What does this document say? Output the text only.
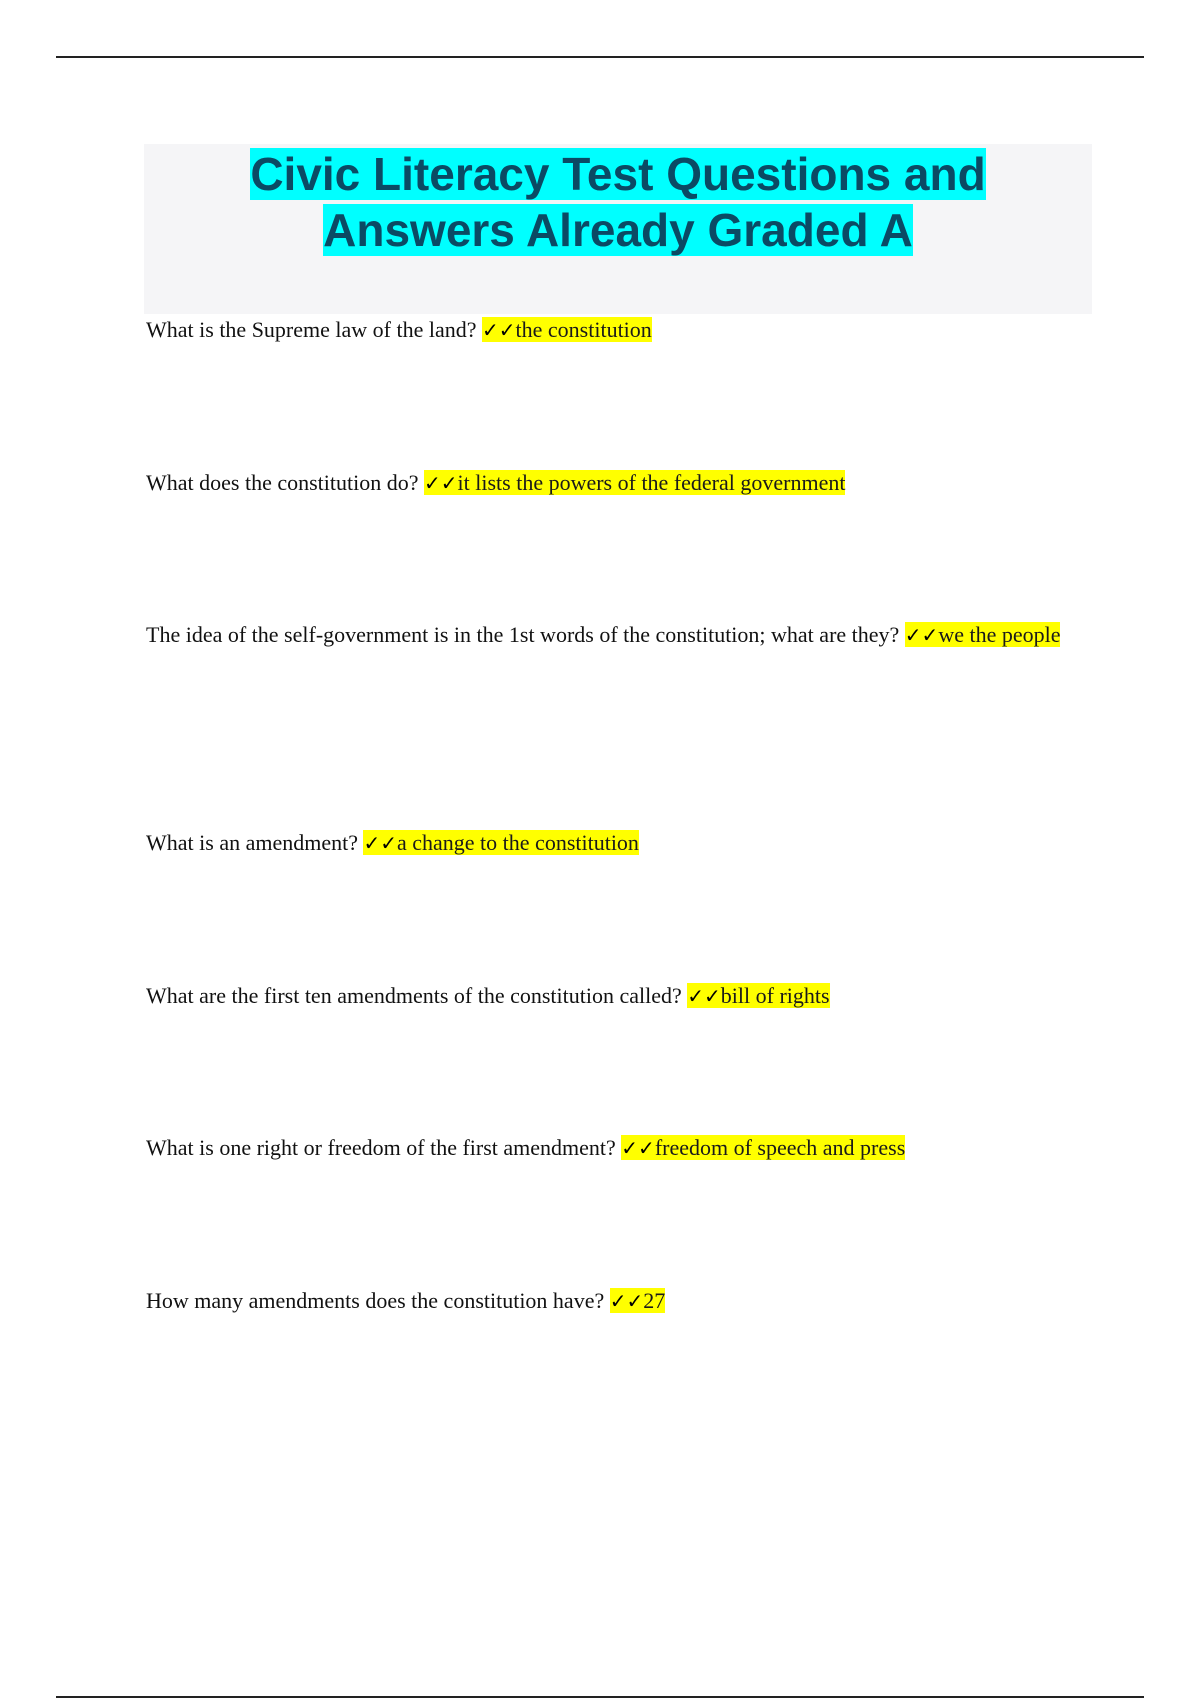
Civic Literacy Test Questions and Answers Already Graded A
What is the Supreme law of the land? ✓✓the constitution
What does the constitution do? ✓✓it lists the powers of the federal government
The idea of the self-government is in the 1st words of the constitution; what are they? ✓✓we the people
What is an amendment? ✓✓a change to the constitution
What are the first ten amendments of the constitution called? ✓✓bill of rights
What is one right or freedom of the first amendment? ✓✓freedom of speech and press
How many amendments does the constitution have? ✓✓27
